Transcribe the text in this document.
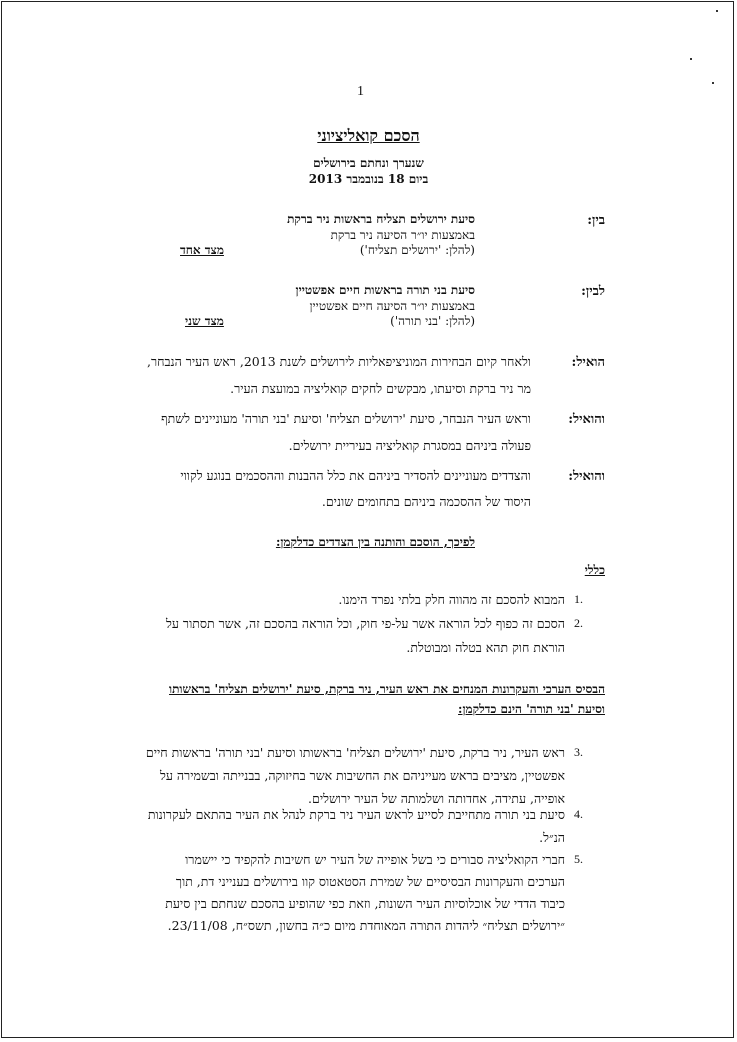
1
הסכם קואליציוני
שנערך ונחתם בירושלים
ביום 18 בנובמבר 2013
בין:
סיעת ירושלים תצליח בראשות ניר ברקת
באמצעות יו״ר הסיעה ניר ברקת
(להלן: 'ירושלים תצליח')
מצד אחד
לבין:
סיעת בני תורה בראשות חיים אפשטיין
באמצעות יו״ר הסיעה חיים אפשטיין
(להלן: 'בני תורה')
מצד שני
הואיל:
ולאחר קיום הבחירות המוניציפאליות לירושלים לשנת 2013, ראש העיר הנבחר,
מר ניר ברקת וסיעתו, מבקשים לחקים קואליציה במועצת העיר.
והואיל:
וראש העיר הנבחר, סיעת 'ירושלים תצליח' וסיעת 'בני תורה' מעוניינים לשתף
פעולה ביניהם במסגרת קואליציה בעיריית ירושלים.
והואיל:
והצדדים מעוניינים להסדיר ביניהם את כלל ההבנות וההסכמים בנוגע לקווי
היסוד של ההסכמה ביניהם בתחומים שונים.
לפיכך, הוסכם והותנה בין הצדדים כדלקמן:
כללי
1.
המבוא להסכם זה מהווה חלק בלתי נפרד הימנו.
2.
הסכם זה כפוף לכל הוראה אשר על-פי חוק, וכל הוראה בהסכם זה, אשר תסתור על
הוראת חוק תהא בטלה ומבוטלת.
הבסיס הערכי והעקרונות המנחים את ראש העיר, ניר ברקת, סיעת 'ירושלים תצליח' בראשותו
וסיעת 'בני תורה' הינם כדלקמן:
3.
ראש העיר, ניר ברקת, סיעת 'ירושלים תצליח' בראשותו וסיעת 'בני תורה' בראשות חיים
אפשטיין, מציבים בראש מעייניהם את החשיבות אשר בחיזוקה, בבנייתה ובשמירה על
אופייה, עתידה, אחדותה ושלמותה של העיר ירושלים.
4.
סיעת בני תורה מתחייבת לסייע לראש העיר ניר ברקת לנהל את העיר בהתאם לעקרונות
הנ״ל.
5.
חברי הקואליציה סבורים כי בשל אופייה של העיר יש חשיבות להקפיד כי יישמרו
הערכים והעקרונות הבסיסיים של שמירת הסטאטוס קוו בירושלים בענייני דת, תוך
כיבוד הדדי של אוכלוסיות העיר השונות, וזאת כפי שהופיע בהסכם שנחתם בין סיעת
״ירושלים תצליח״ ליהדות התורה המאוחדת מיום כ״ה בחשון, תשס״ח, 23/11/08.
